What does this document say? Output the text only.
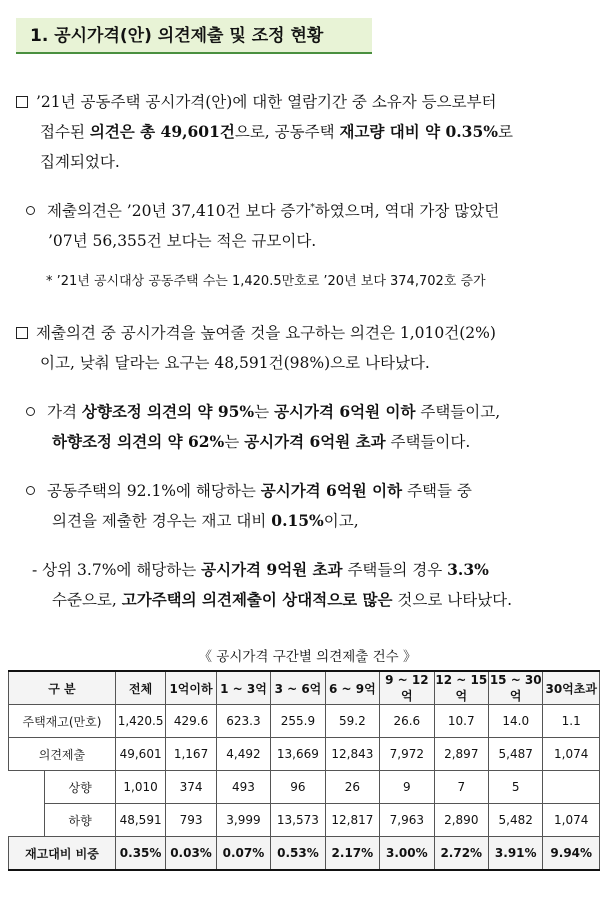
1. 공시가격(안) 의견제출 및 조정 현황
’21년 공동주택 공시가격(안)에 대한 열람기간 중 소유자 등으로부터
접수된 의견은 총 49,601건으로, 공동주택 재고량 대비 약 0.35%로
집계되었다.
제출의견은 ’20년 37,410건 보다 증가*하였으며, 역대 가장 많았던
’07년 56,355건 보다는 적은 규모이다.
* ’21년 공시대상 공동주택 수는 1,420.5만호로 ’20년 보다 374,702호 증가
제출의견 중 공시가격을 높여줄 것을 요구하는 의견은 1,010건(2%)
이고, 낮춰 달라는 요구는 48,591건(98%)으로 나타났다.
가격 상향조정 의견의 약 95%는 공시가격 6억원 이하 주택들이고,
하향조정 의견의 약 62%는 공시가격 6억원 초과 주택들이다.
공동주택의 92.1%에 해당하는 공시가격 6억원 이하 주택들 중
의견을 제출한 경우는 재고 대비 0.15%이고,
- 상위 3.7%에 해당하는 공시가격 9억원 초과 주택들의 경우 3.3%
수준으로, 고가주택의 의견제출이 상대적으로 많은 것으로 나타났다.
《 공시가격 구간별 의견제출 건수 》
구 분		전체	1억이하	1 ~ 3억	3 ~ 6억	6 ~ 9억	9 ~ 12억	12 ~ 15억	15 ~ 30억	30억초과
주택재고(만호)		1,420.5	429.6	623.3	255.9	59.2	26.6	10.7	14.0	1.1
의견제출		49,601	1,167	4,492	13,669	12,843	7,972	2,897	5,487	1,074
	상향	1,010	374	493	96	26	9	7	5	
	하향	48,591	793	3,999	13,573	12,817	7,963	2,890	5,482	1,074
재고대비 비중		0.35%	0.03%	0.07%	0.53%	2.17%	3.00%	2.72%	3.91%	9.94%
